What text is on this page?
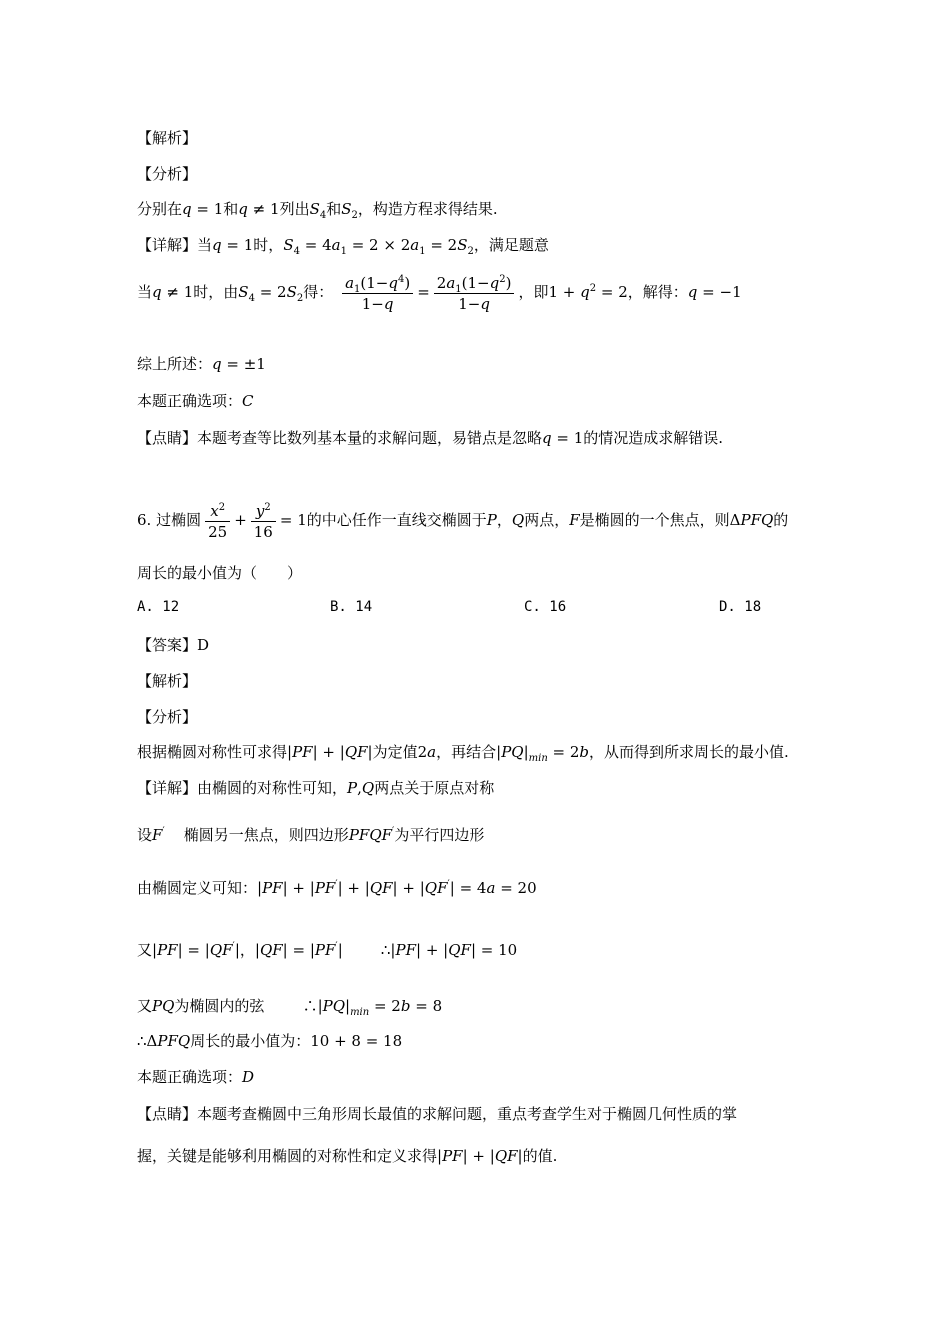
【解析】
【分析】
分别在q = 1和q ≠ 1列出$S_4$和$S_2$，构造方程求得结果.
【详解】当q = 1时，$S_4 = 4a_1 = 2 \times 2a_1 = 2S_2$，满足题意
当q ≠ 1时，由$S_4 = 2S_2$得： $\frac{a_1(1-q^4)}{1-q} = \frac{2a_1(1-q^2)}{1-q}$ ，即$1 + q^2 = 2$，解得：q = −1
综上所述：q = ±1
本题正确选项：C
【点睛】本题考查等比数列基本量的求解问题，易错点是忽略q = 1的情况造成求解错误.
6. 过椭圆 $\frac{x^2}{25} + \frac{y^2}{16} = 1$的中心任作一直线交椭圆于P，Q两点，F是椭圆的一个焦点，则ΔPFQ的
周长的最小值为（　　）
A. 12	B. 14	C. 16	D. 18
【答案】D
【解析】
【分析】
根据椭圆对称性可求得|PF| + |QF|为定值2a，再结合$|PQ|_{min} = 2b$，从而得到所求周长的最小值.
【详解】由椭圆的对称性可知，P,Q两点关于原点对称
设F′ 椭圆另一焦点，则四边形PFQF′为平行四边形
由椭圆定义可知：|PF| + |PF′| + |QF| + |QF′| = 4a = 20
又|PF| = |QF′|，|QF| = |PF′|        ∴|PF| + |QF| = 10
又PQ为椭圆内的弦        $\therefore|PQ|_{min} = 2b = 8$
∴ΔPFQ周长的最小值为：10 + 8 = 18
本题正确选项：D
【点睛】本题考查椭圆中三角形周长最值的求解问题，重点考查学生对于椭圆几何性质的掌
握，关键是能够利用椭圆的对称性和定义求得|PF| + |QF|的值.
